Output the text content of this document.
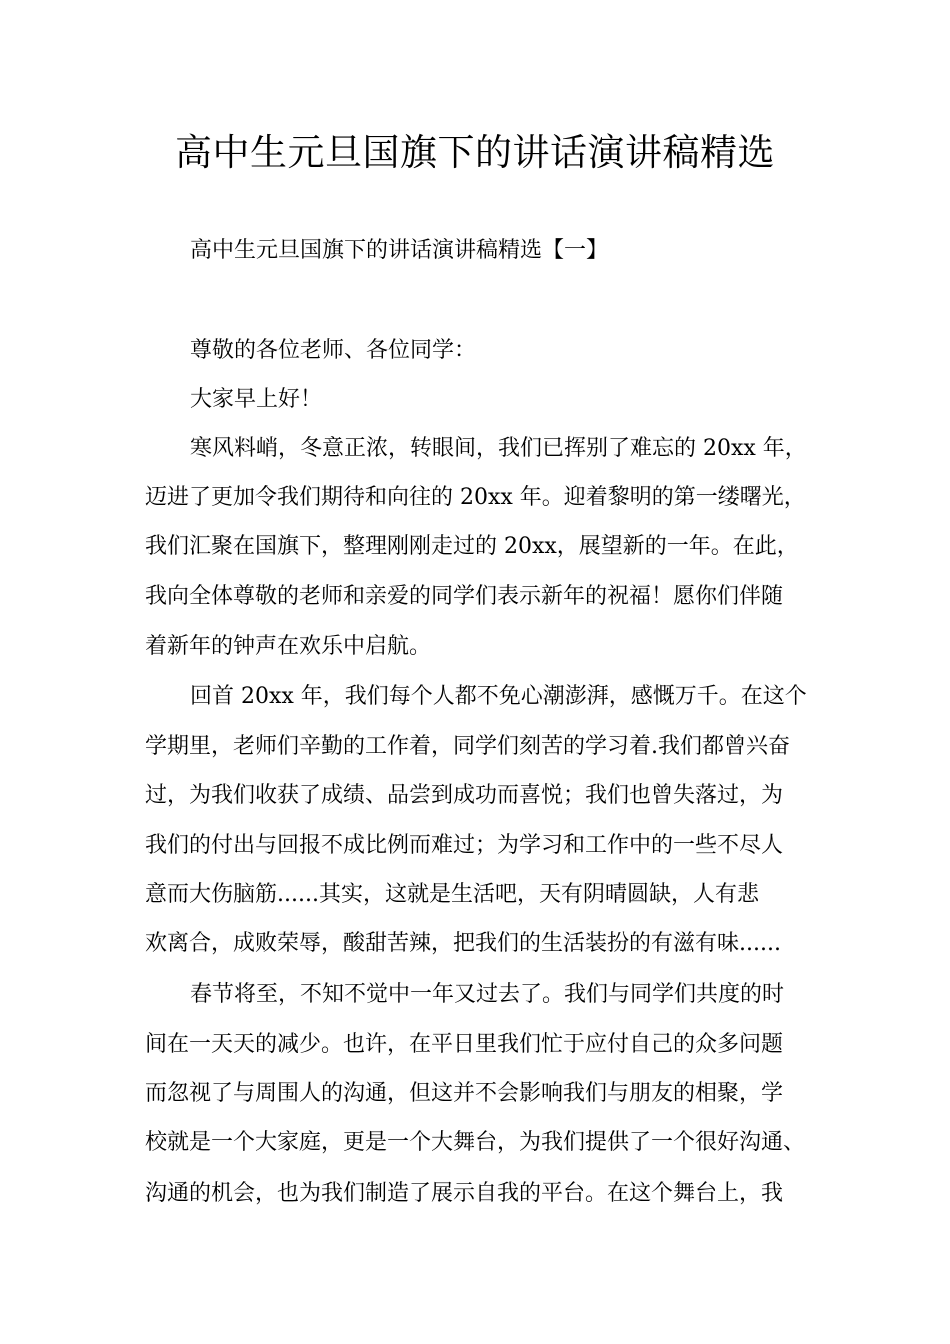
高中生元旦国旗下的讲话演讲稿精选

高中生元旦国旗下的讲话演讲稿精选【一】

尊敬的各位老师、各位同学：

大家早上好！

寒风料峭，冬意正浓，转眼间，我们已挥别了难忘的 20xx 年，

迈进了更加令我们期待和向往的 20xx 年。迎着黎明的第一缕曙光，

我们汇聚在国旗下，整理刚刚走过的 20xx，展望新的一年。在此，

我向全体尊敬的老师和亲爱的同学们表示新年的祝福！愿你们伴随

着新年的钟声在欢乐中启航。

回首 20xx 年，我们每个人都不免心潮澎湃，感慨万千。在这个

学期里，老师们辛勤的工作着，同学们刻苦的学习着.我们都曾兴奋

过，为我们收获了成绩、品尝到成功而喜悦；我们也曾失落过，为

我们的付出与回报不成比例而难过；为学习和工作中的一些不尽人

意而大伤脑筋......其实，这就是生活吧，天有阴晴圆缺，人有悲

欢离合，成败荣辱，酸甜苦辣，把我们的生活装扮的有滋有味......

春节将至，不知不觉中一年又过去了。我们与同学们共度的时

间在一天天的减少。也许，在平日里我们忙于应付自己的众多问题

而忽视了与周围人的沟通，但这并不会影响我们与朋友的相聚，学

校就是一个大家庭，更是一个大舞台，为我们提供了一个很好沟通、

沟通的机会，也为我们制造了展示自我的平台。在这个舞台上，我
